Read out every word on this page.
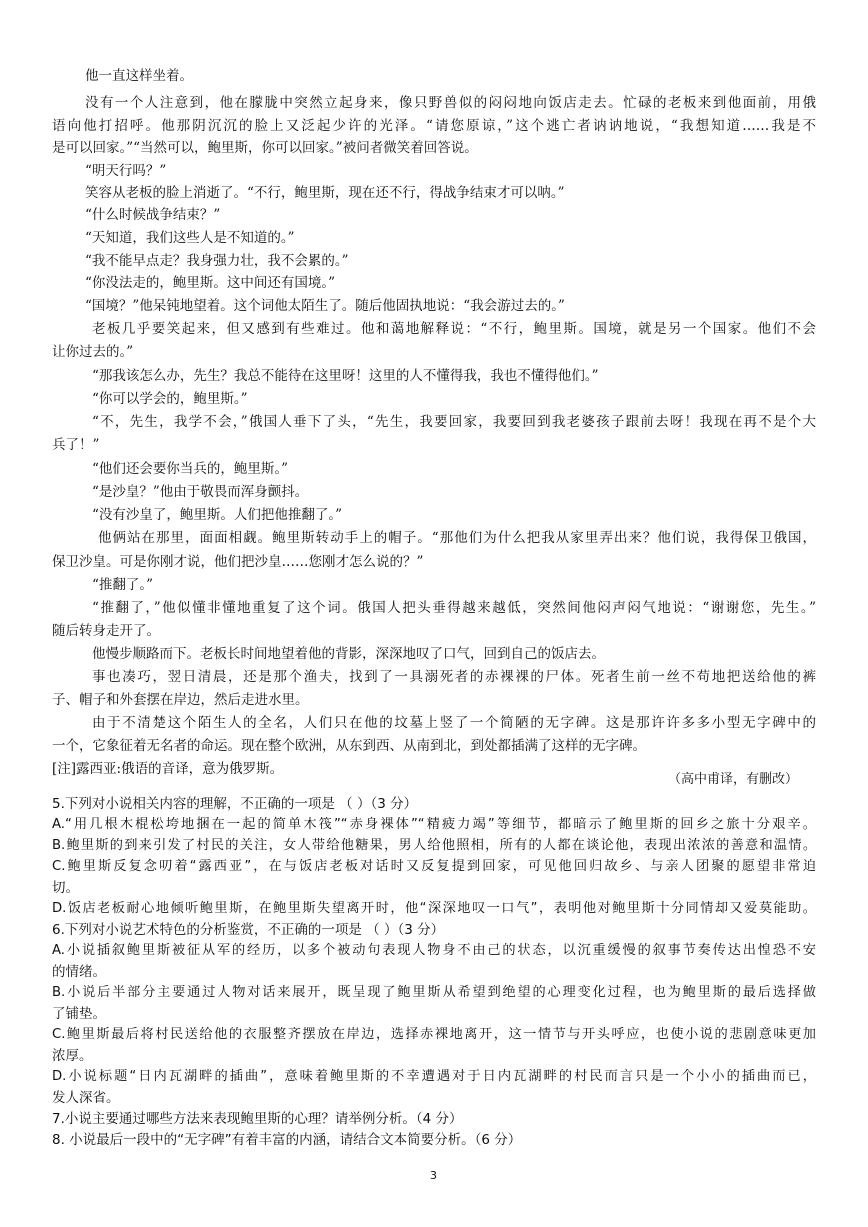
他一直这样坐着。
没有一个人注意到，他在朦胧中突然立起身来，像只野兽似的闷闷地向饭店走去。忙碌的老板来到他面前，用俄
语向他打招呼。他那阴沉沉的脸上又泛起少许的光泽。“请您原谅，”这个逃亡者讷讷地说，“我想知道……我是不
是可以回家。”“当然可以，鲍里斯，你可以回家。”被问者微笑着回答说。
“明天行吗？”
笑容从老板的脸上消逝了。“不行，鲍里斯，现在还不行，得战争结束才可以呐。”
“什么时候战争结束？”
“天知道，我们这些人是不知道的。”
“我不能早点走？我身强力壮，我不会累的。”
“你没法走的，鲍里斯。这中间还有国境。”
“国境？”他呆钝地望着。这个词他太陌生了。随后他固执地说：“我会游过去的。”
老板几乎要笑起来，但又感到有些难过。他和蔼地解释说：“不行，鲍里斯。国境，就是另一个国家。他们不会
让你过去的。”
“那我该怎么办，先生？我总不能待在这里呀！这里的人不懂得我，我也不懂得他们。”
“你可以学会的，鲍里斯。”
“不，先生，我学不会，”俄国人垂下了头，“先生，我要回家，我要回到我老婆孩子跟前去呀！我现在再不是个大
兵了！”
“他们还会要你当兵的，鲍里斯。”
“是沙皇？”他由于敬畏而浑身颤抖。
“没有沙皇了，鲍里斯。人们把他推翻了。”
他俩站在那里，面面相觑。鲍里斯转动手上的帽子。“那他们为什么把我从家里弄出来？他们说，我得保卫俄国，
保卫沙皇。可是你刚才说，他们把沙皇……您刚才怎么说的？”
“推翻了。”
“推翻了，”他似懂非懂地重复了这个词。俄国人把头垂得越来越低，突然间他闷声闷气地说：“谢谢您，先生。”
随后转身走开了。
他慢步顺路而下。老板长时间地望着他的背影，深深地叹了口气，回到自己的饭店去。
事也凑巧，翌日清晨，还是那个渔夫，找到了一具溺死者的赤裸裸的尸体。死者生前一丝不苟地把送给他的裤
子、帽子和外套摆在岸边，然后走进水里。
由于不清楚这个陌生人的全名，人们只在他的坟墓上竖了一个简陋的无字碑。这是那许许多多小型无字碑中的
一个，它象征着无名者的命运。现在整个欧洲，从东到西、从南到北，到处都插满了这样的无字碑。
[注]露西亚:俄语的音译，意为俄罗斯。
（高中甫译，有删改）
5.下列对小说相关内容的理解，不正确的一项是 （ ）（3 分）
A.“用几根木棍松垮地捆在一起的简单木筏”“赤身裸体”“精疲力竭”等细节，都暗示了鲍里斯的回乡之旅十分艰辛。
B.鲍里斯的到来引发了村民的关注，女人带给他糖果，男人给他照相，所有的人都在谈论他，表现出浓浓的善意和温情。
C.鲍里斯反复念叨着“露西亚”，在与饭店老板对话时又反复提到回家，可见他回归故乡、与亲人团聚的愿望非常迫
切。
D.饭店老板耐心地倾听鲍里斯，在鲍里斯失望离开时，他“深深地叹一口气”，表明他对鲍里斯十分同情却又爱莫能助。
6.下列对小说艺术特色的分析鉴赏，不正确的一项是 （ ）（3 分）
A.小说插叙鲍里斯被征从军的经历，以多个被动句表现人物身不由己的状态，以沉重缓慢的叙事节奏传达出惶恐不安
的情绪。
B.小说后半部分主要通过人物对话来展开，既呈现了鲍里斯从希望到绝望的心理变化过程，也为鲍里斯的最后选择做
了铺垫。
C.鲍里斯最后将村民送给他的衣服整齐摆放在岸边，选择赤裸地离开，这一情节与开头呼应，也使小说的悲剧意味更加
浓厚。
D.小说标题“日内瓦湖畔的插曲”，意味着鲍里斯的不幸遭遇对于日内瓦湖畔的村民而言只是一个小小的插曲而已，
发人深省。
7.小说主要通过哪些方法来表现鲍里斯的心理？请举例分析。（4 分）
8. 小说最后一段中的“无字碑”有着丰富的内涵，请结合文本简要分析。（6 分）
3
